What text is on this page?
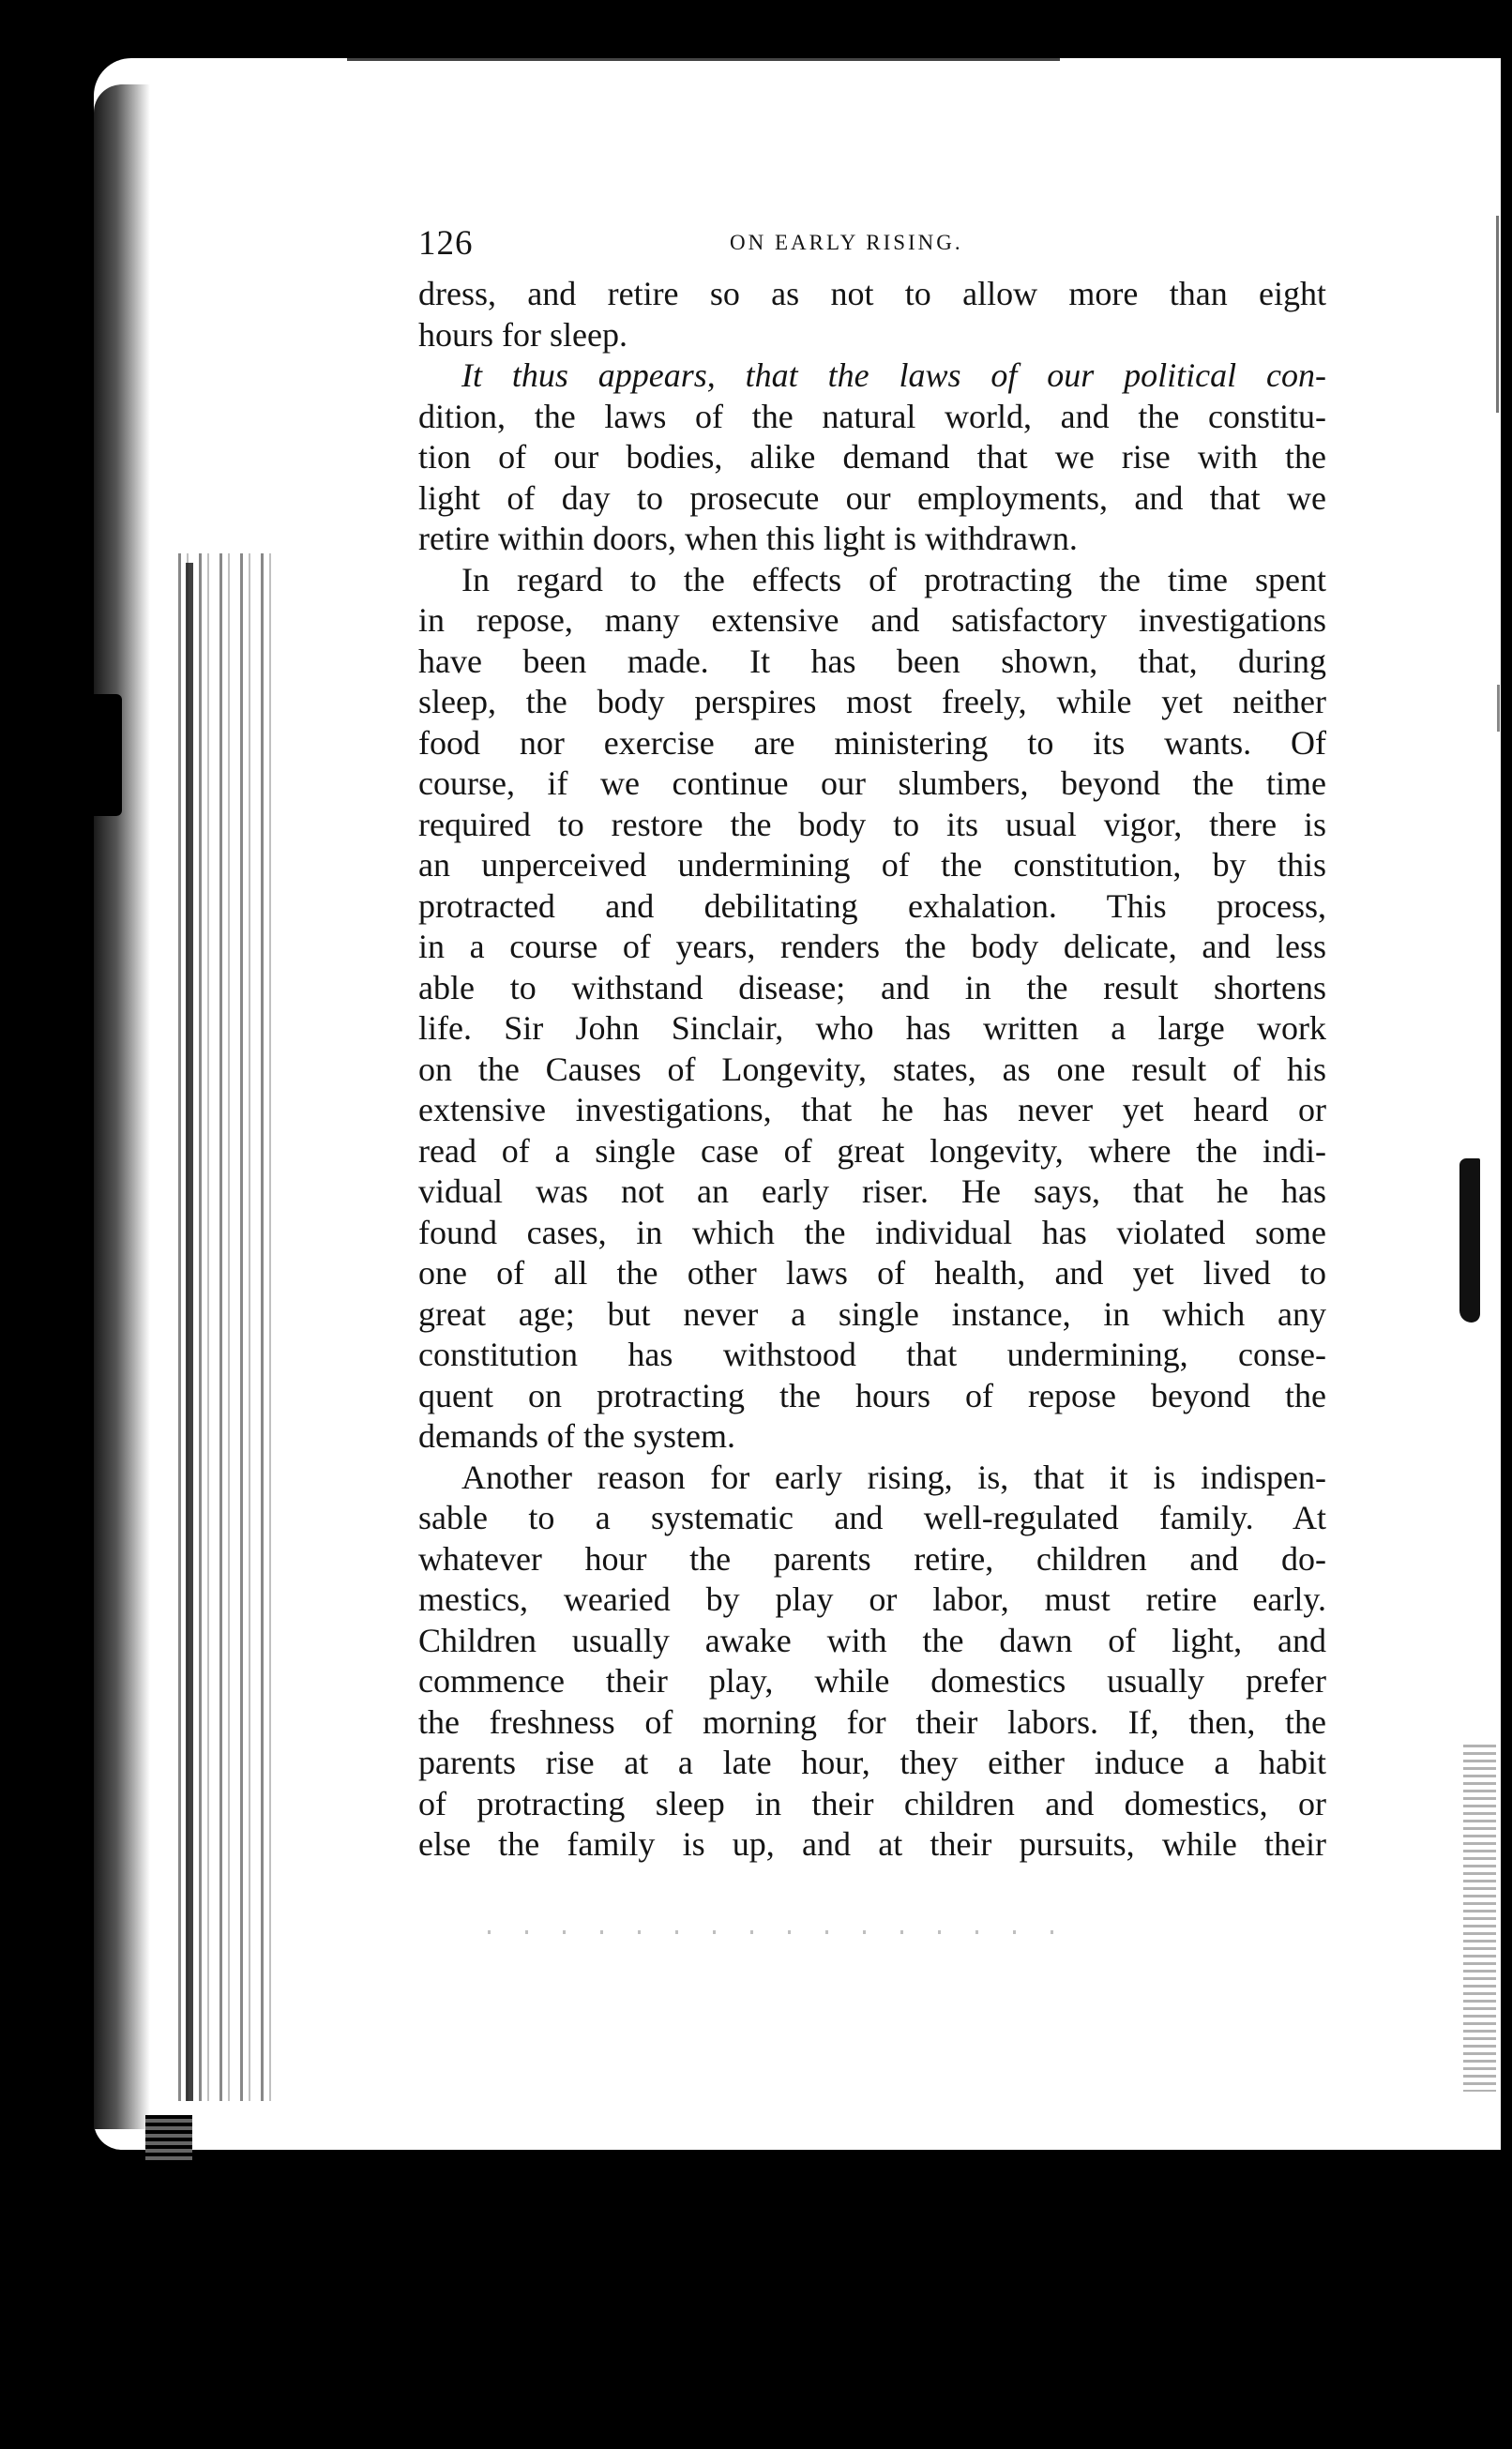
126	ON EARLY RISING.
dress, and retire so as not to allow more than eight
hours for sleep.
It thus appears, that the laws of our political con-
dition, the laws of the natural world, and the constitu-
tion of our bodies, alike demand that we rise with the
light of day to prosecute our employments, and that we
retire within doors, when this light is withdrawn.
In regard to the effects of protracting the time spent
in repose, many extensive and satisfactory investigations
have been made. It has been shown, that, during
sleep, the body perspires most freely, while yet neither
food nor exercise are ministering to its wants. Of
course, if we continue our slumbers, beyond the time
required to restore the body to its usual vigor, there is
an unperceived undermining of the constitution, by this
protracted and debilitating exhalation. This process,
in a course of years, renders the body delicate, and less
able to withstand disease; and in the result shortens
life. Sir John Sinclair, who has written a large work
on the Causes of Longevity, states, as one result of his
extensive investigations, that he has never yet heard or
read of a single case of great longevity, where the indi-
vidual was not an early riser. He says, that he has
found cases, in which the individual has violated some
one of all the other laws of health, and yet lived to
great age; but never a single instance, in which any
constitution has withstood that undermining, conse-
quent on protracting the hours of repose beyond the
demands of the system.
Another reason for early rising, is, that it is indispen-
sable to a systematic and well-regulated family. At
whatever hour the parents retire, children and do-
mestics, wearied by play or labor, must retire early.
Children usually awake with the dawn of light, and
commence their play, while domestics usually prefer
the freshness of morning for their labors. If, then, the
parents rise at a late hour, they either induce a habit
of protracting sleep in their children and domestics, or
else the family is up, and at their pursuits, while their
